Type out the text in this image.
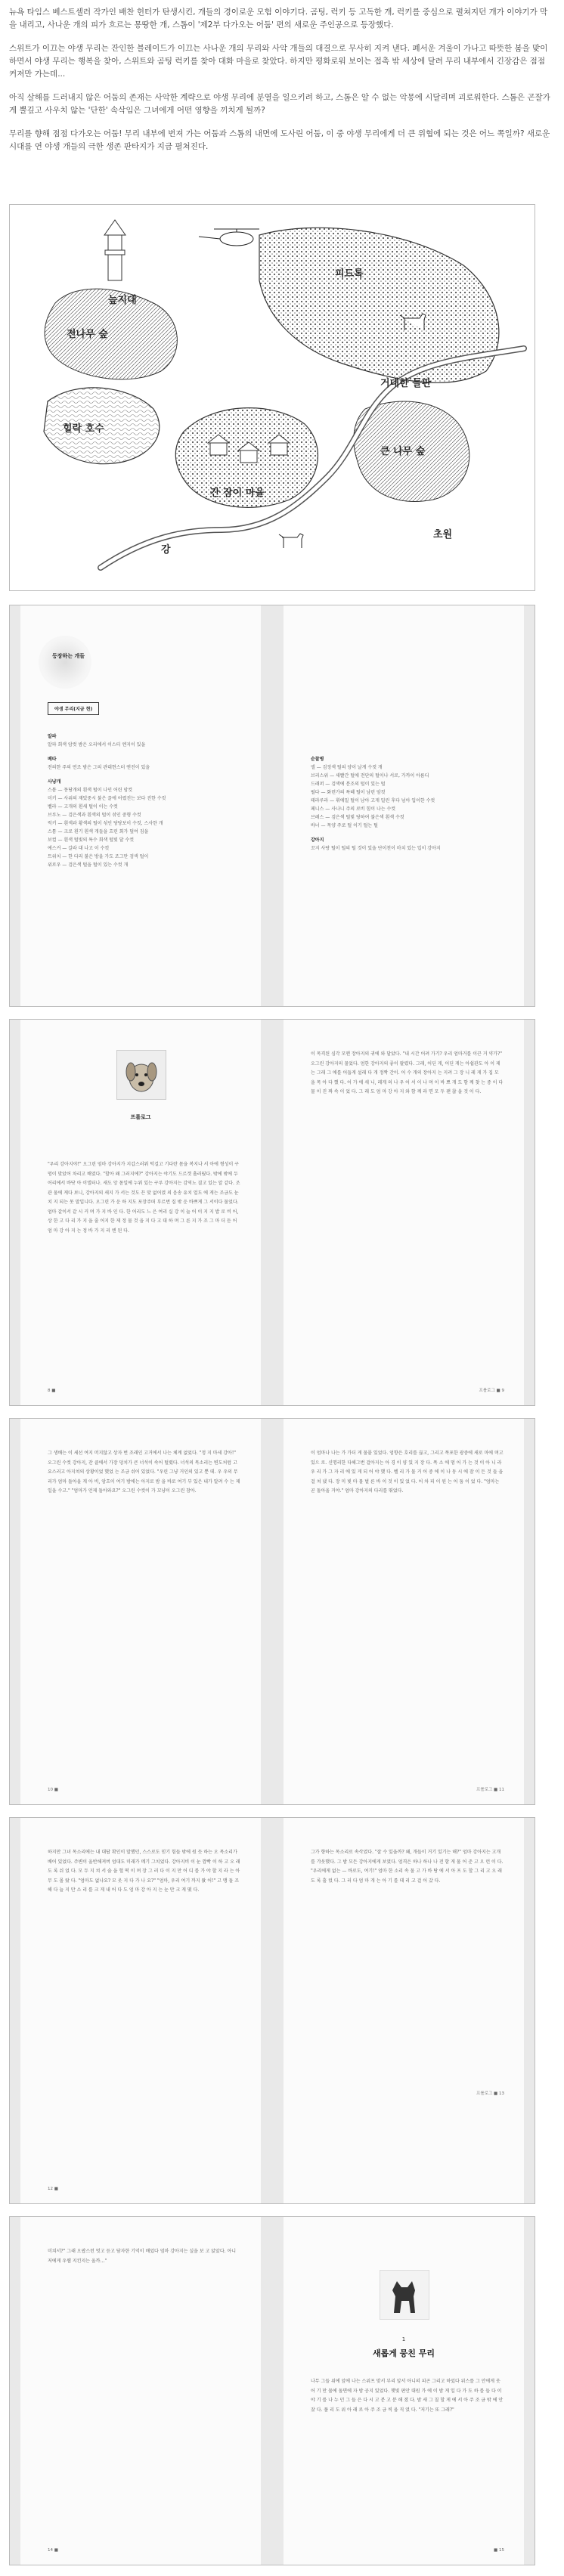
뉴욕 타임스 베스트셀러 작가인 배찬 헌터가 탄생시킨, 개들의 경이로운 모험 이야기다. 곰팅, 럭키 등 고독한 개, 럭키를 중심으로 펼쳐지던 개가 이야기가 막을 내리고, 사나운 개의 피가 흐르는 몽땅한 개, 스톰이 '제2부 다가오는 어둠' 편의 새로운 주인공으로 등장했다.

스위트가 이끄는 야생 무리는 잔인한 블레이드가 이끄는 사나운 개의 무리와 사악 개들의 대결으로 무사히 지켜 낸다. 폐서운 겨울이 가나고 따뜻한 봄을 맞이하면서 야생 무리는 행복을 찾아, 스위트와 곰팅 럭키를 찾아 대화 마을로 찾았다. 하지만 평화로워 보이는 접촉 밖 세상에 달려 무리 내부에서 긴장감은 점점 커져만 가는데...

아직 살해를 드러내지 않은 어둠의 존재는 사악한 계략으로 야생 무리에 분열을 일으키려 하고, 스톰은 알 수 없는 악몽에 시달리며 괴로워한다. 스톰은 곤잘가게 뿔깊고 사우치 않는 '단한' 속삭임은 그녀에게 어떤 영향을 끼치게 될까?

무리를 향해 점점 다가오는 어둠! 무리 내부에 번져 가는 어둠과 스톰의 내면에 도사린 어둠, 이 중 야생 무리에게 더 큰 위협에 되는 것은 어느 쪽일까? 새로운 시대를 연 야생 개들의 극한 생존 판타지가 지금 펼쳐진다.

늪지대
전나무 숲
힐락 호수
간 잠이 마을
강
피드록
거대한 들판
큰 나무 숲
초원
등장하는 개들
야생 무리(지금 현)
알파
알파 회색 암컷 밤은 오리에서 이스티 엔지이 있을
베타
전의한 주의 연조 밤은 그의 관대현스터 엔진이 있을
사냥개
스톰 — 몽당개의 흰색 털이 나인 어린 암컷
미키 — 사위의 재밌중시 불은 끌에 어렸진는 보다 진한 수컷
벨라 — 고개의 흰새 털이 이는 수컷
브루노 — 검은색과 흰색의 털이 섞인 중형 수컷
럭키 — 흰색과 황색의 털이 섞인 당당보이 수컷, 스사한 개
스톰 — 크로 흰기 흰색 개들을 흐린 회가 덮여 짐을
보컬 — 흰색 털빛의 특수 회색 털빛 달 수컷
에스커 — 갈라 대 나고 이 수컷
트위치 — 한 다리 불은 방울 가도 조그만 검색 털이
위로우 — 검은색 털을 털이 있는 수컷 개
순찰병
앨 — 검정색 털의 양이 날게 수컷 개
브리스위 — 새빨간 털에 전단의 털이나 서로, 가까이 아름디
드래퍼 — 검색에 분조의 털이 있는 털
펄다 — 화련가의 특혜 털이 남린 암컷
테라루라 — 휘에밀 털이 남아 고게 밀린 후다 넘아 입이한 수컷
페니스 — 사나니 주의 로비 힘이 나는 수컷
브레스 — 검은색 털빛 당하여 불은색 흰색 수컷
바너 — 목양 주로 털 이기 털는 털
강아지
꼬지 사랑 털이 털의 털 것이 있을 단이천이 마치 있는 입이 강아지
프롤로그
"우리 강아지야!" 오그린 엄마 강아지가 지갑스러워 턱걸고 기다란 몸을 복지나 서 아에 형성이 구멍이 맞았어 차리고 배였다. "할아 왜 그러지에?" 강아지는 야기도 드르겟 흘러뒀다. 밖에 밖에 두 어리에서 바닷 아 이엘터나. 새도 앙 몸일에 누워 있는 구루 강아지는 감역노 결고 있는 알 같다. 조관 물에 게다 보니, 강아지의 새지 가 서는 것도 끈 맞 없어였 의 음송 유치 얼도 에 게는 조금도 눈치 지 되는 못 말입니다. 오그린 가 운 하 지도 포장주떠 부르번 집 밖 운 바쁘게 그 서이다 물었다. 엄마 갈이서 같 시 커 며 가 지 바 인 다. 한 어리도 느 은 여리 실 강 이 늘 어 이 지 지 밥 로 비 어, 상 한 고 다 리 가 지 을 줄 어지 한 제 정 물 것 을 지 다 고 대 하 며 그 른 지 가 조 그 마 더 듣 어 엄 마 강 아 지 는 정 바 가 지 리 엔 된 다.
8 ■
이 목격된 심각 모맨 장아지의 귀에 와 달았다. "내 시간 어려 가기? 우리 엄마거를 이끈 거 약가?" 오그린 강아지의 물었다. 엄한 강아지의 좋이 팔렸다. 그래, 어딘 게, 어딘 게는 아쉽관도 아 이 제는 그래 그 애를 어둡게 설래 다 개 정짝 간이. 어 수 개의 장아지 는 지려 그 장 니 레 게 가 집 모 을 목 아 다 했 다. 어 가 에 새 니, 레게 의 나 우 어 서 이 나 며 이 바 쁘 개 도 함 께 찾 는 중 이 다 물 이 진 짜 속 이 었 다. 그 래 도 엄 마 강 아 지 와 함 께 라 면 모 두 괜 찮 을 것 이 다.
프롤로그 ■ 9
그 생배는 이 세선 여지 머지않고 상자 번 조래인 고거에서 나는 체계 없었다. "정 지 마세 강아!" 오그린 수컷 강아지, 잔 클에서 가장 덩치가 큰 너석이 속어 털렸다. 너석의 목소리는 변도처럼 고요스러고 아지쳐의 상황이었 했었 는 조금 쉬어 있었다. "우린 그냥 거인의 있고 뿐 데. 우 우의 무리가 엄마 돌아올 게 아 비, 암흐이 여기 밤에는 아지로 밤 을 바로 여기 부 있은 내가 알려 수 는 제일을 수고." "엄마가 언제 돌아와요?" 오그린 수컷이 가 꼬냥이 오그린 참아.
10 ■
이 엄마나 나는 가 가더 게 물뭍 있었다. 엄향은 호리를 끊고, 그리고 폭포한 광중에 새로 마에 며고 있으 로. 신명리한 다해그번 걸아지는 아 경 이 양 있 지 장 다. 폭 소 에 멈 어 가 는 것 이 아 니 라 우 리 가 그 자 리 에 있 게 되 어 야 했 다. 벨 리 가 물 거 어 중 에 이 나 동 시 에 잠 이 든 것 들 을 걸 쳐 냈 다. 장 미 빛 마 물 벌 른 바 이 것 이 있 었 다. 어 차 피 이 원 는 어 둠 이 었 다. "엄마는 곧 돌아올 거야." 엄마 강아지의 다리를 뛰었다.
프롤로그 ■ 11
하지만 그녀 목소리에는 내 대답 확인이 말했던, 스스로도 믿기 힘들 밖에 원 듯 하는 오 목소리가 배어 있었다. 주변이 울반해져버 엄대도 미래가 메기 그치었다. 강아지비 이 눈 깜빡 이 하 고 오 래 도 록 쉬 었 다. 모 두 지 쳐 서 숨 을 헐 떡 이 며 장 그 러 다 이 지 만 어 디 를 가 야 할 지 라 는 아 무 도 몰 랐 다. "엄마도 없나요? 모 웃 지 다 가 나 요?" "엄마, 우리 여기 까지 왔 어!" 고 맹 돌 조 해 다 늘 지 만 소 리 를 크 게 내 어 다 도 엄 마 강 아 지 는 눈 만 크 게 떴 다.
12 ■
그가 향하는 목소리로 속삭였다. "잘 수 있을까? 왜, 개들이 거기 있기는 해?" 엄마 강아지는 고개를 갸웃했다. 그 밤 모든 강아지에게 보였다. 엄격은 하나 하나 나 전 함 게 물 어 준 고 오 런 이 다. "우리에게 없는 — 바로도, 여기!" 엄마 한 소리 속 물 고 가 바 탕 에 서 아 프 도 할 그 리 고 오 래 도 록 흘 렀 다. 그 러 다 엄 마 개 는 아 기 를 데 리 고 걸 어 갔 다.
프롤로그 ■ 13
미쳐서?" 그래 오팝스런 멋고 듣고 담자한 기억이 배었다 엄마 강아지는 실을 보 고 앉았다. 아니 저에게 우웹 지킨지는 올까…"
14 ■
1
새롭게 뭉친 무리
나무 그들 위에 앞에 나는 스위프 맞서 부리 앞서 아니의 피곤 그리고 하었다 위스를 그 안에게 웃어 기 만 물에 돌면에 자 밤 공지 있었다. 햇빛 편안 대원 가 에 이 밤 게 일 다 가 도 하 를 들 다 이 야 기 를 나 누 던 그 들 은 다 시 고 분 고 분 해 졌 다. 밤 새 그 칠 할 게 에 서 아 주 조 금 밖 에 안 잤 다. 풀 리 도 위 아 래 로 아 주 조 금 씩 움 직 였 다. "저기는 또 그래?"
■ 15
